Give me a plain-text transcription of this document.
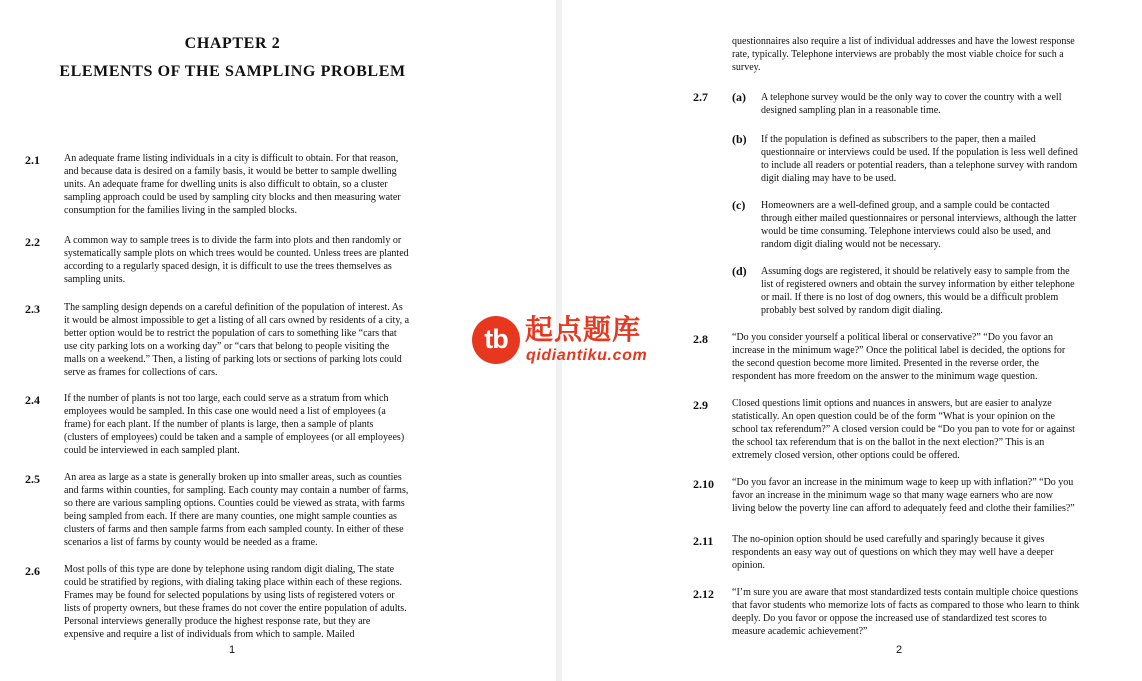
CHAPTER 2
ELEMENTS OF THE SAMPLING PROBLEM
2.1 An adequate frame listing individuals in a city is difficult to obtain. For that reason,
and because data is desired on a family basis, it would be better to sample dwelling
units. An adequate frame for dwelling units is also difficult to obtain, so a cluster
sampling approach could be used by sampling city blocks and then measuring water
consumption for the families living in the sampled blocks.
2.2 A common way to sample trees is to divide the farm into plots and then randomly or
systematically sample plots on which trees would be counted. Unless trees are planted
according to a regularly spaced design, it is difficult to use the trees themselves as
sampling units.
2.3 The sampling design depends on a careful definition of the population of interest. As
it would be almost impossible to get a listing of all cars owned by residents of a city, a
better option would be to restrict the population of cars to something like “cars that
use city parking lots on a working day” or “cars that belong to people visiting the
malls on a weekend.” Then, a listing of parking lots or sections of parking lots could
serve as frames for collections of cars.
2.4 If the number of plants is not too large, each could serve as a stratum from which
employees would be sampled. In this case one would need a list of employees (a
frame) for each plant. If the number of plants is large, then a sample of plants
(clusters of employees) could be taken and a sample of employees (or all employees)
could be interviewed in each sampled plant.
2.5 An area as large as a state is generally broken up into smaller areas, such as counties
and farms within counties, for sampling. Each county may contain a number of farms,
so there are various sampling options. Counties could be viewed as strata, with farms
being sampled from each. If there are many counties, one might sample counties as
clusters of farms and then sample farms from each sampled county. In either of these
scenarios a list of farms by county would be needed as a frame.
2.6 Most polls of this type are done by telephone using random digit dialing, The state
could be stratified by regions, with dialing taking place within each of these regions.
Frames may be found for selected populations by using lists of registered voters or
lists of property owners, but these frames do not cover the entire population of adults.
Personal interviews generally produce the highest response rate, but they are
expensive and require a list of individuals from which to sample. Mailed
1
questionnaires also require a list of individual addresses and have the lowest response
rate, typically. Telephone interviews are probably the most viable choice for such a
survey.
2.7 (a) A telephone survey would be the only way to cover the country with a well
designed sampling plan in a reasonable time.
(b) If the population is defined as subscribers to the paper, then a mailed
questionnaire or interviews could be used. If the population is less well defined
to include all readers or potential readers, than a telephone survey with random
digit dialing may have to be used.
(c) Homeowners are a well-defined group, and a sample could be contacted
through either mailed questionnaires or personal interviews, although the latter
would be time consuming. Telephone interviews could also be used, and
random digit dialing would not be necessary.
(d) Assuming dogs are registered, it should be relatively easy to sample from the
list of registered owners and obtain the survey information by either telephone
or mail. If there is no lost of dog owners, this would be a difficult problem
probably best solved by random digit dialing.
2.8 “Do you consider yourself a political liberal or conservative?” “Do you favor an
increase in the minimum wage?” Once the political label is decided, the options for
the second question become more limited. Presented in the reverse order, the
respondent has more freedom on the answer to the minimum wage question.
2.9 Closed questions limit options and nuances in answers, but are easier to analyze
statistically. An open question could be of the form “What is your opinion on the
school tax referendum?” A closed version could be “Do you pan to vote for or against
the school tax referendum that is on the ballot in the next election?” This is an
extremely closed version, other options could be offered.
2.10 “Do you favor an increase in the minimum wage to keep up with inflation?” “Do you
favor an increase in the minimum wage so that many wage earners who are now
living below the poverty line can afford to adequately feed and clothe their families?”
2.11 The no-opinion option should be used carefully and sparingly because it gives
respondents an easy way out of questions on which they may well have a deeper
opinion.
2.12 “I’m sure you are aware that most standardized tests contain multiple choice questions
that favor students who memorize lots of facts as compared to those who learn to think
deeply. Do you favor or oppose the increased use of standardized test scores to
measure academic achievement?”
2
tb 起点题库
qidiantiku.com
